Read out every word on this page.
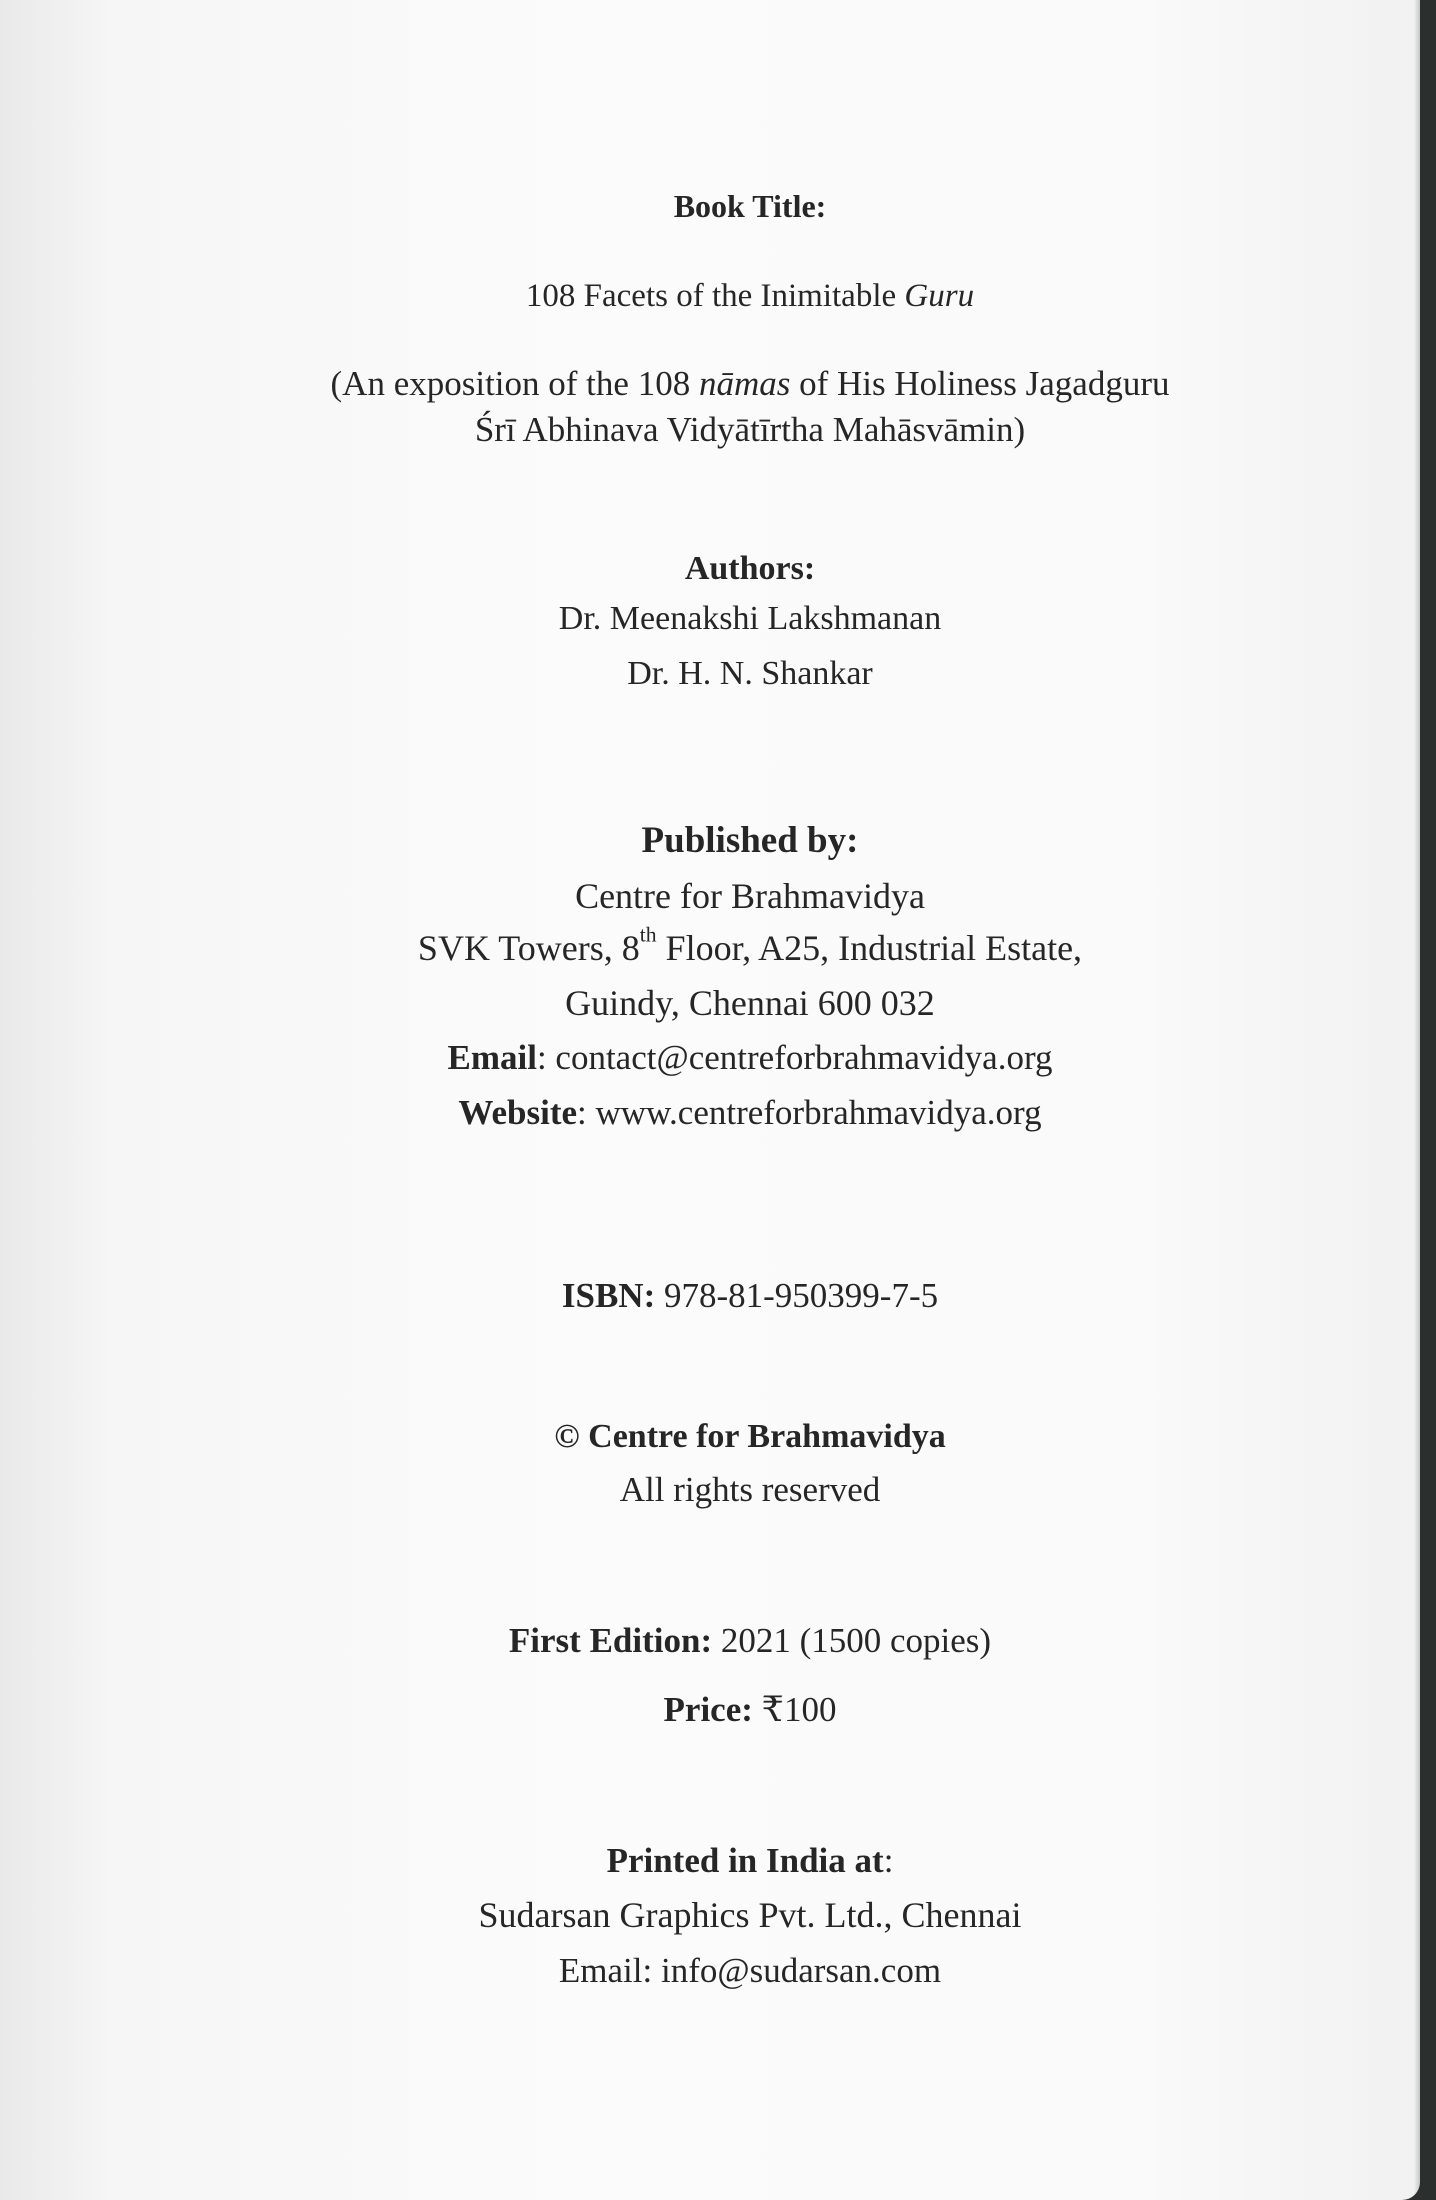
Book Title:
108 Facets of the Inimitable Guru
(An exposition of the 108 nāmas of His Holiness Jagadguru
Śrī Abhinava Vidyātīrtha Mahāsvāmin)
Authors:
Dr. Meenakshi Lakshmanan
Dr. H. N. Shankar
Published by:
Centre for Brahmavidya
SVK Towers, 8th Floor, A25, Industrial Estate,
Guindy, Chennai 600 032
Email: contact@centreforbrahmavidya.org
Website: www.centreforbrahmavidya.org
ISBN: 978-81-950399-7-5
© Centre for Brahmavidya
All rights reserved
First Edition: 2021 (1500 copies)
Price: ₹100
Printed in India at:
Sudarsan Graphics Pvt. Ltd., Chennai
Email: info@sudarsan.com
